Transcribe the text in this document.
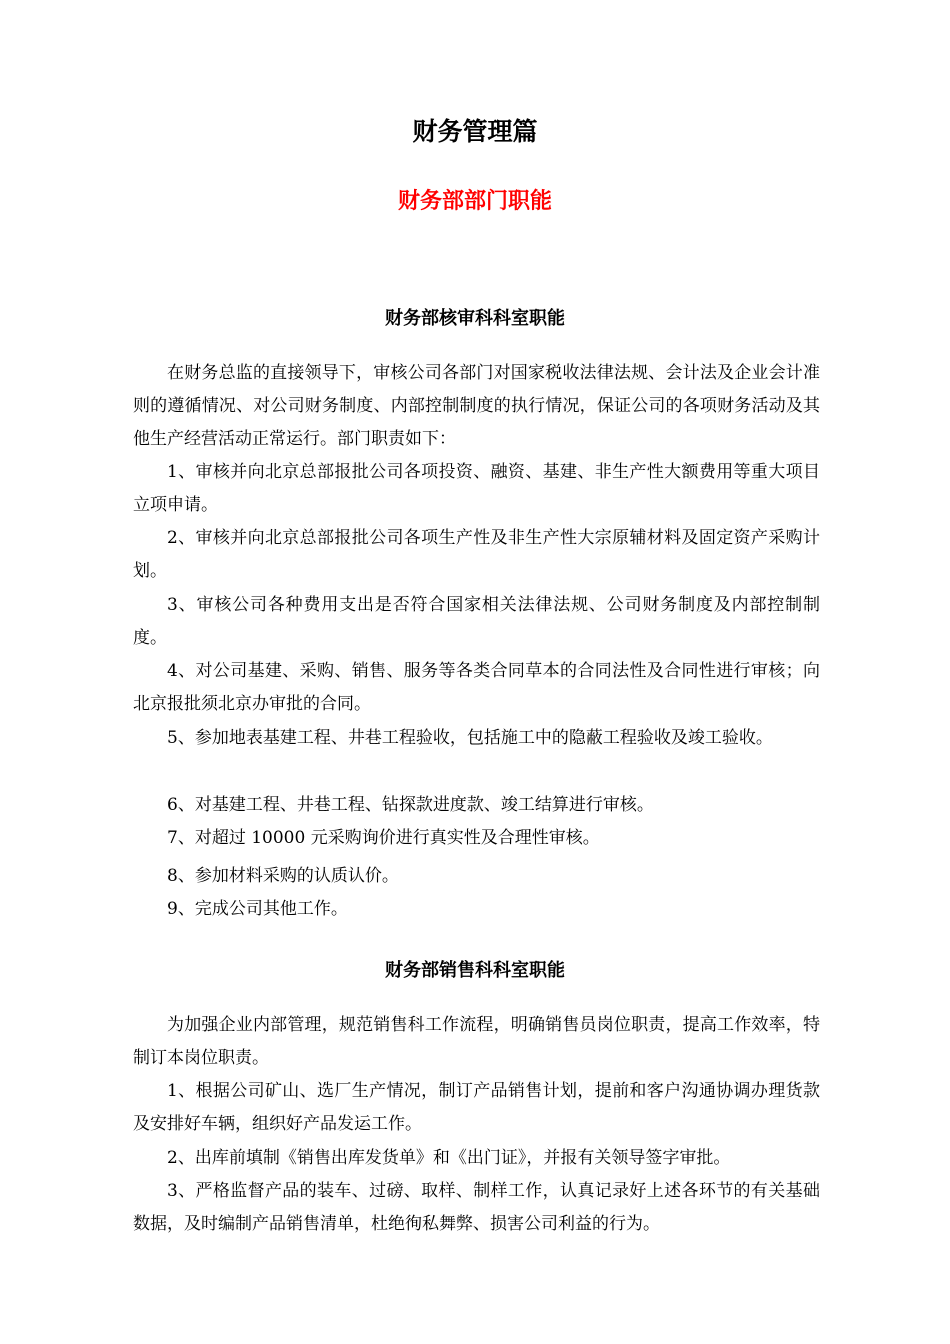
财务管理篇
财务部部门职能
财务部核审科科室职能
在财务总监的直接领导下，审核公司各部门对国家税收法律法规、会计法及企业会计准则的遵循情况、对公司财务制度、内部控制制度的执行情况，保证公司的各项财务活动及其他生产经营活动正常运行。部门职责如下：
1、审核并向北京总部报批公司各项投资、融资、基建、非生产性大额费用等重大项目立项申请。
2、审核并向北京总部报批公司各项生产性及非生产性大宗原辅材料及固定资产采购计划。
3、审核公司各种费用支出是否符合国家相关法律法规、公司财务制度及内部控制制度。
4、对公司基建、采购、销售、服务等各类合同草本的合同法性及合同性进行审核；向北京报批须北京办审批的合同。
5、参加地表基建工程、井巷工程验收，包括施工中的隐蔽工程验收及竣工验收。
6、对基建工程、井巷工程、钻探款进度款、竣工结算进行审核。
7、对超过 10000 元采购询价进行真实性及合理性审核。
8、参加材料采购的认质认价。
9、完成公司其他工作。
财务部销售科科室职能
为加强企业内部管理，规范销售科工作流程，明确销售员岗位职责，提高工作效率，特制订本岗位职责。
1、根据公司矿山、选厂生产情况，制订产品销售计划，提前和客户沟通协调办理货款及安排好车辆，组织好产品发运工作。
2、出库前填制《销售出库发货单》和《出门证》，并报有关领导签字审批。
3、严格监督产品的装车、过磅、取样、制样工作，认真记录好上述各环节的有关基础数据，及时编制产品销售清单，杜绝徇私舞弊、损害公司利益的行为。
